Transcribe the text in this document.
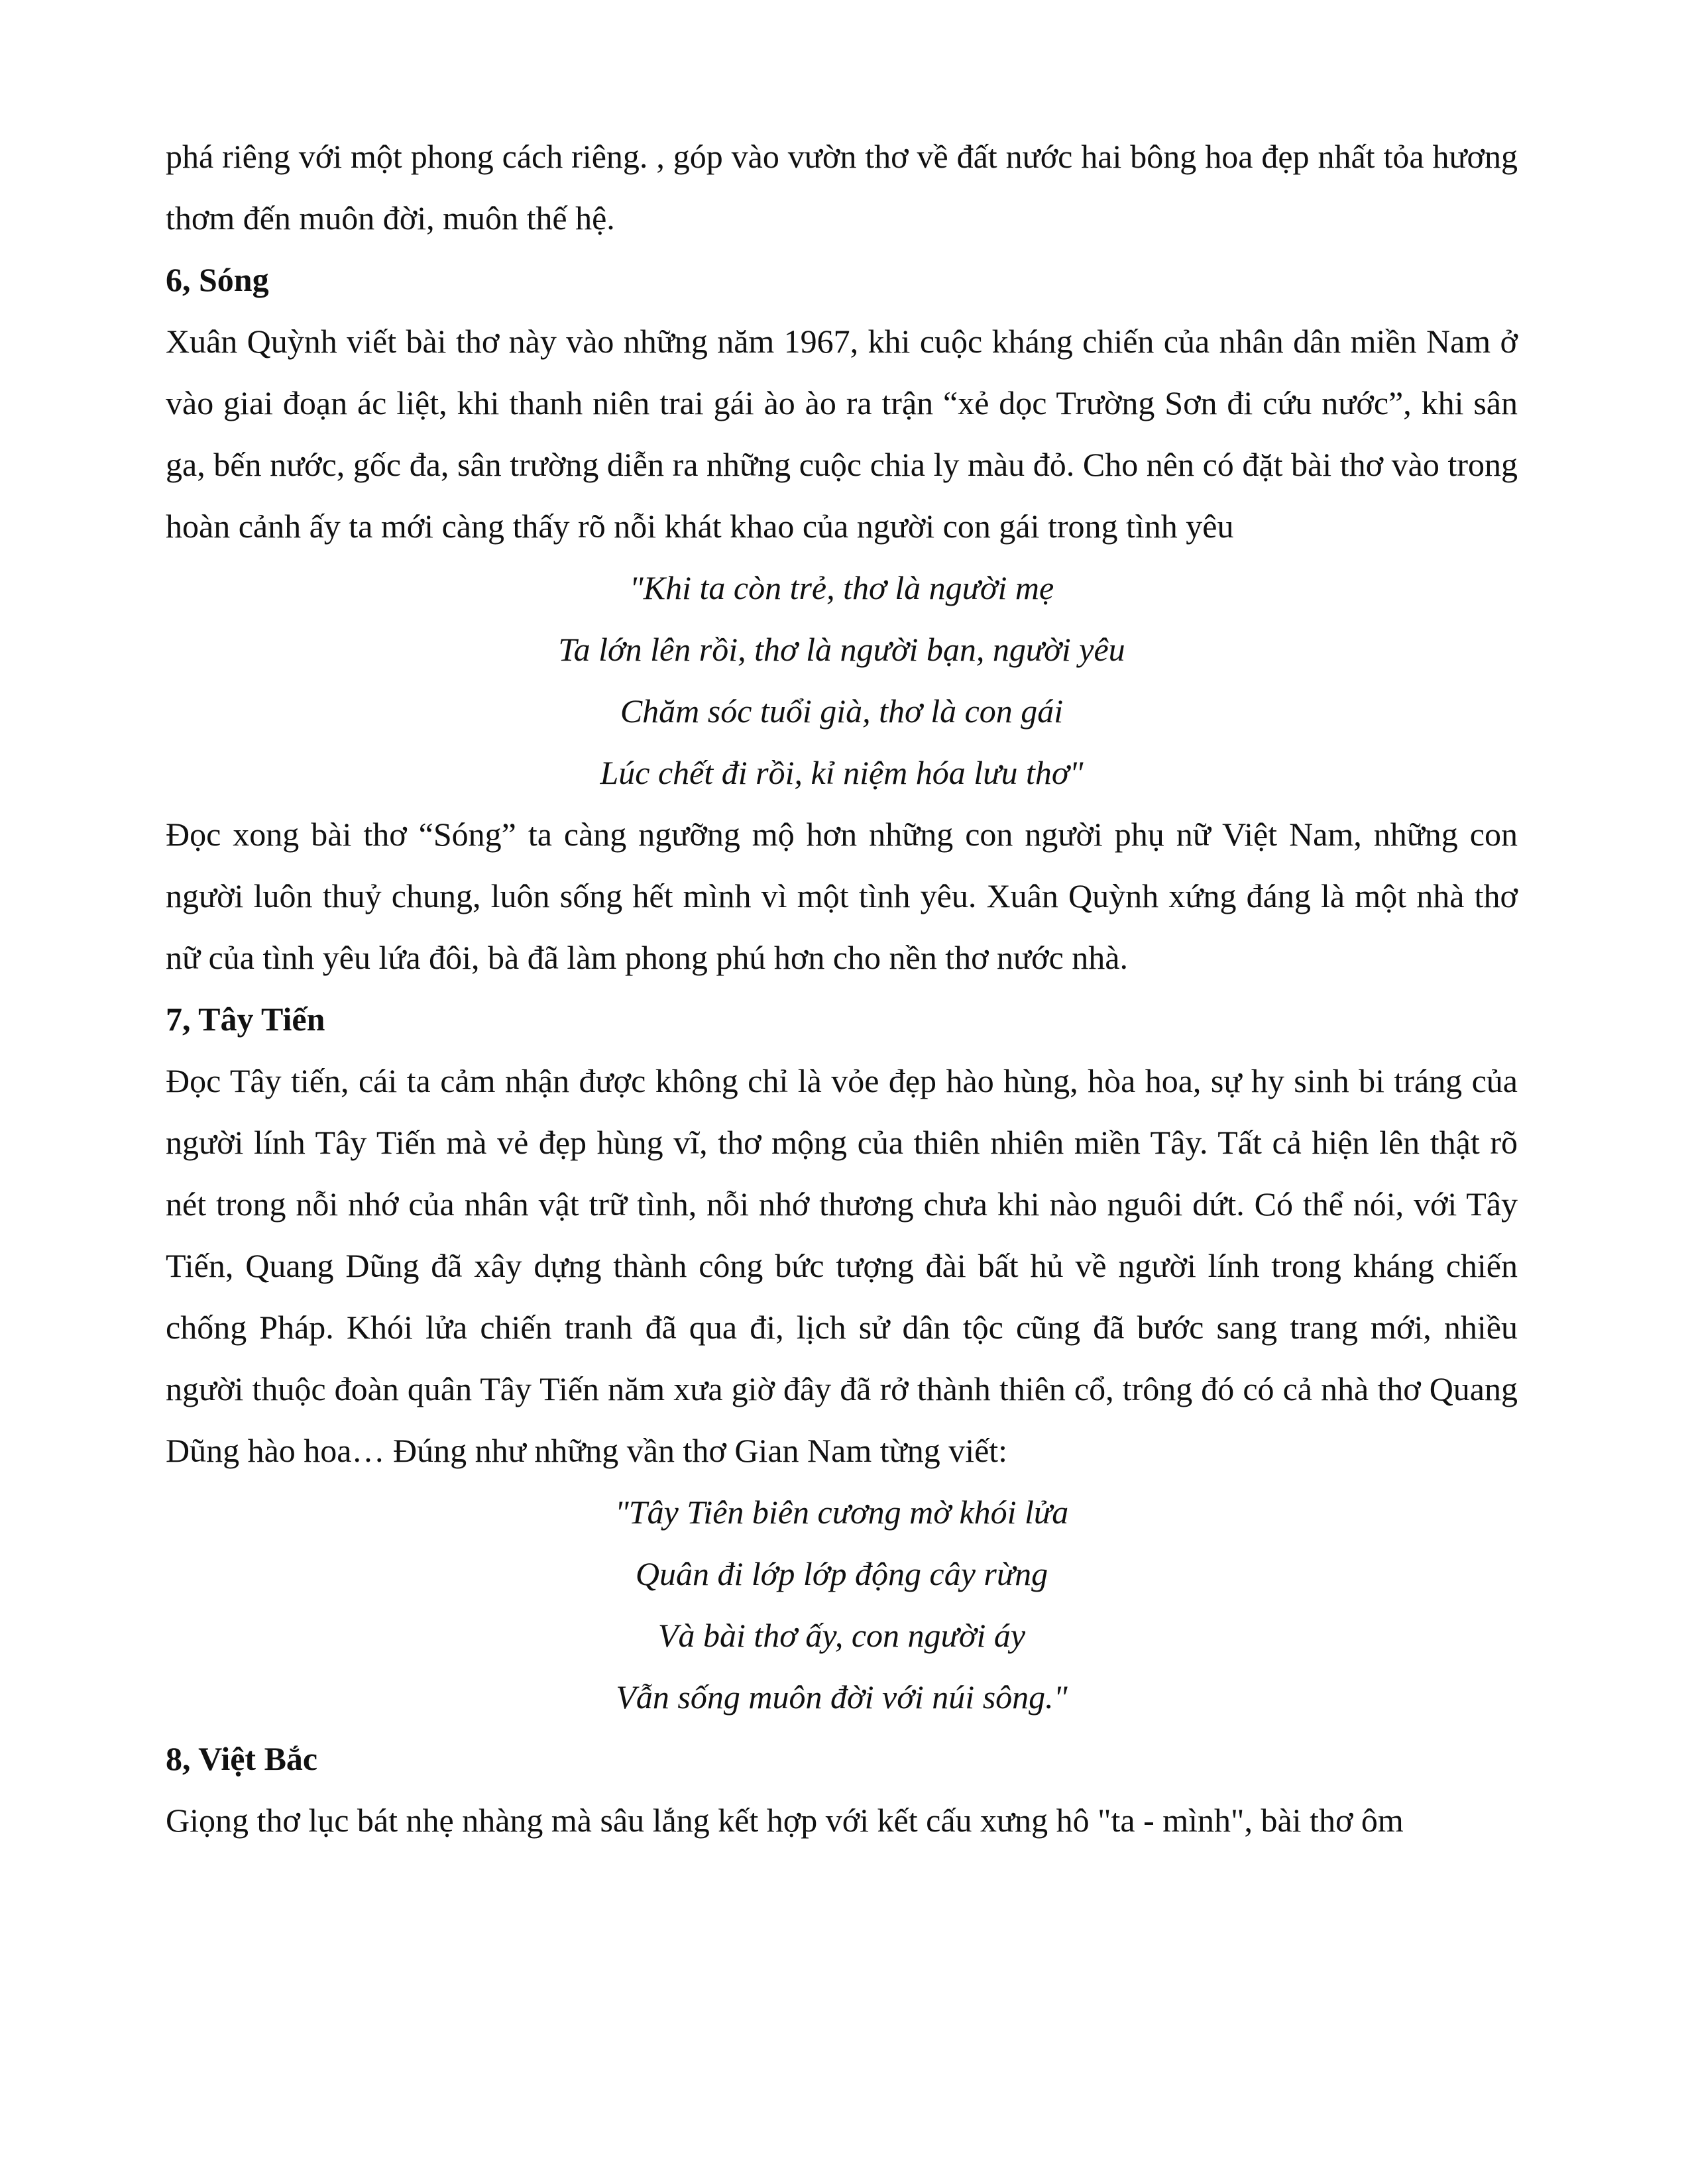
phá riêng với một phong cách riêng. , góp vào vườn thơ về đất nước hai bông hoa đẹp nhất tỏa hương thơm đến muôn đời, muôn thế hệ.

6, Sóng

Xuân Quỳnh viết bài thơ này vào những năm 1967, khi cuộc kháng chiến của nhân dân miền Nam ở vào giai đoạn ác liệt, khi thanh niên trai gái ào ào ra trận “xẻ dọc Trường Sơn đi cứu nước”, khi sân ga, bến nước, gốc đa, sân trường diễn ra những cuộc chia ly màu đỏ. Cho nên có đặt bài thơ vào trong hoàn cảnh ấy ta mới càng thấy rõ nỗi khát khao của người con gái trong tình yêu

"Khi ta còn trẻ, thơ là người mẹ
Ta lớn lên rồi, thơ là người bạn, người yêu
Chăm sóc tuổi già, thơ là con gái
Lúc chết đi rồi, kỉ niệm hóa lưu thơ"

Đọc xong bài thơ “Sóng” ta càng ngưỡng mộ hơn những con người phụ nữ Việt Nam, những con người luôn thuỷ chung, luôn sống hết mình vì một tình yêu. Xuân Quỳnh xứng đáng là một nhà thơ nữ của tình yêu lứa đôi, bà đã làm phong phú hơn cho nền thơ nước nhà.

7, Tây Tiến

Đọc Tây tiến, cái ta cảm nhận được không chỉ là vỏe đẹp hào hùng, hòa hoa, sự hy sinh bi tráng của người lính Tây Tiến mà vẻ đẹp hùng vĩ, thơ mộng của thiên nhiên miền Tây. Tất cả hiện lên thật rõ nét trong nỗi nhớ của nhân vật trữ tình, nỗi nhớ thương chưa khi nào nguôi dứt. Có thể nói, với Tây Tiến, Quang Dũng đã xây dựng thành công bức tượng đài bất hủ về người lính trong kháng chiến chống Pháp. Khói lửa chiến tranh đã qua đi, lịch sử dân tộc cũng đã bước sang trang mới, nhiều người thuộc đoàn quân Tây Tiến năm xưa giờ đây đã rở thành thiên cổ, trông đó có cả nhà thơ Quang Dũng hào hoa… Đúng như những vần thơ Gian Nam từng viết:

"Tây Tiên biên cương mờ khói lửa
Quân đi lớp lớp động cây rừng
Và bài thơ ấy, con người áy
Vẫn sống muôn đời với núi sông."

8, Việt Bắc

Giọng thơ lục bát nhẹ nhàng mà sâu lắng kết hợp với kết cấu xưng hô "ta - mình", bài thơ ôm
